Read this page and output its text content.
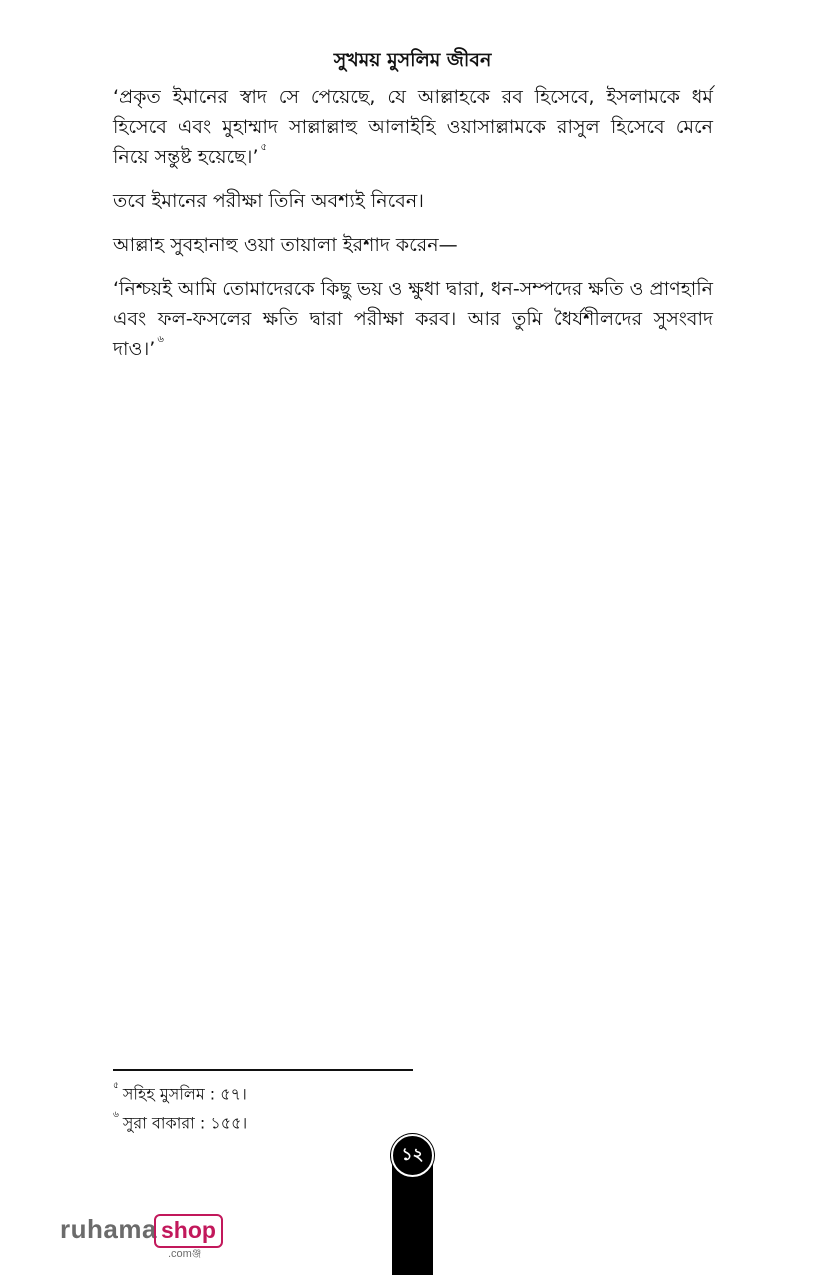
সুখময় মুসলিম জীবন

‘প্রকৃত ইমানের স্বাদ সে পেয়েছে, যে আল্লাহকে রব হিসেবে, ইসলামকে ধর্ম হিসেবে এবং মুহাম্মাদ সাল্লাল্লাহু আলাইহি ওয়াসাল্লামকে রাসুল হিসেবে মেনে নিয়ে সন্তুষ্ট হয়েছে।’ $^৫$

তবে ইমানের পরীক্ষা তিনি অবশ্যই নিবেন।

আল্লাহ সুবহানাহু ওয়া তায়ালা ইরশাদ করেন—

‘নিশ্চয়ই আমি তোমাদেরকে কিছু ভয় ও ক্ষুধা দ্বারা, ধন-সম্পদের ক্ষতি ও প্রাণহানি এবং ফল-ফসলের ক্ষতি দ্বারা পরীক্ষা করব। আর তুমি ধৈর্যশীলদের সুসংবাদ দাও।’ $^৬$

$^৫$ সহিহ মুসলিম : ৫৭।
$^৬$ সুরা বাকারা : ১৫৫।
১২
ruhama shop
.comঞ্জ
